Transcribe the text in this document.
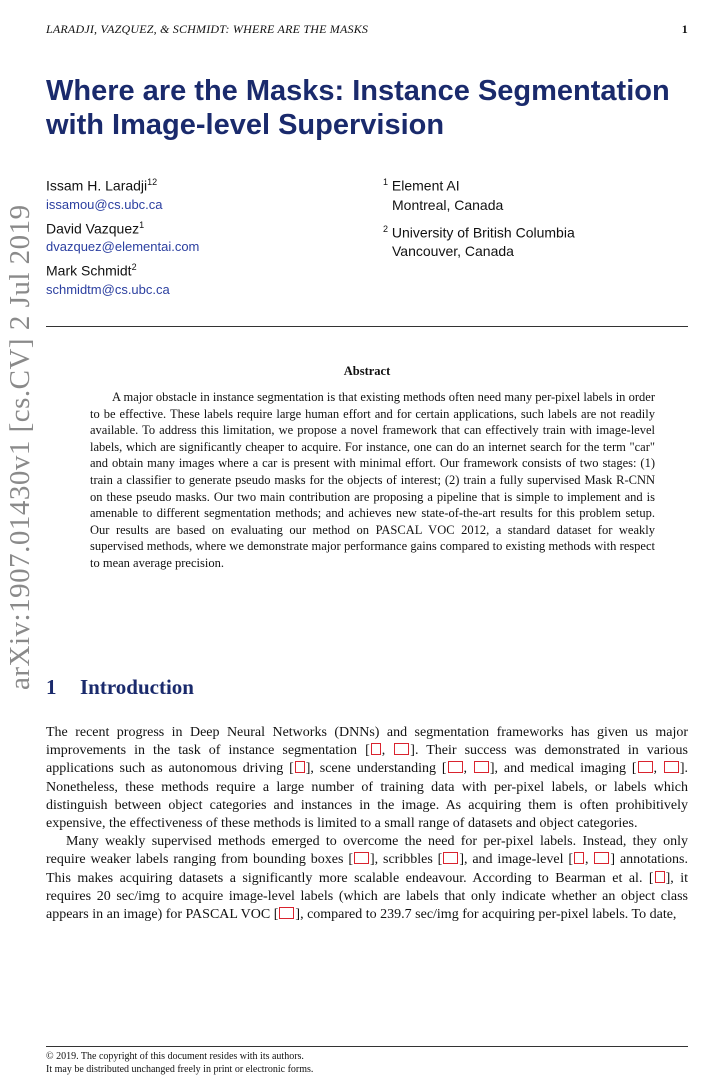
LARADJI, VAZQUEZ, & SCHMIDT: WHERE ARE THE MASKS	1
arXiv:1907.01430v1 [cs.CV] 2 Jul 2019
Where are the Masks: Instance Segmentation with Image-level Supervision
Issam H. Laradji$^{12}$
issamou@cs.ubc.ca
David Vazquez$^1$
dvazquez@elementai.com
Mark Schmidt$^2$
schmidtm@cs.ubc.ca
$^1$ Element AI
Montreal, Canada
$^2$ University of British Columbia
Vancouver, Canada
Abstract
A major obstacle in instance segmentation is that existing methods often need many per-pixel labels in order to be effective. These labels require large human effort and for certain applications, such labels are not readily available. To address this limitation, we propose a novel framework that can effectively train with image-level labels, which are significantly cheaper to acquire. For instance, one can do an internet search for the term "car" and obtain many images where a car is present with minimal effort. Our framework consists of two stages: (1) train a classifier to generate pseudo masks for the objects of interest; (2) train a fully supervised Mask R-CNN on these pseudo masks. Our two main contribution are proposing a pipeline that is simple to implement and is amenable to different segmentation methods; and achieves new state-of-the-art results for this problem setup. Our results are based on evaluating our method on PASCAL VOC 2012, a standard dataset for weakly supervised methods, where we demonstrate major performance gains compared to existing methods with respect to mean average precision.
1 Introduction

The recent progress in Deep Neural Networks (DNNs) and segmentation frameworks has given us major improvements in the task of instance segmentation [ , ]. Their success was demonstrated in various applications such as autonomous driving [ ], scene understanding [ , ], and medical imaging [ , ]. Nonetheless, these methods require a large number of training data with per-pixel labels, or labels which distinguish between object categories and instances in the image. As acquiring them is often prohibitively expensive, the effectiveness of these methods is limited to a small range of datasets and object categories.

Many weakly supervised methods emerged to overcome the need for per-pixel labels. Instead, they only require weaker labels ranging from bounding boxes [ ], scribbles [ ], and image-level [ , ] annotations. This makes acquiring datasets a significantly more scalable endeavour. According to Bearman et al. [ ], it requires 20 sec/img to acquire image-level labels (which are labels that only indicate whether an object class appears in an image) for PASCAL VOC [ ], compared to 239.7 sec/img for acquiring per-pixel labels. To date,

© 2019. The copyright of this document resides with its authors.
It may be distributed unchanged freely in print or electronic forms.
